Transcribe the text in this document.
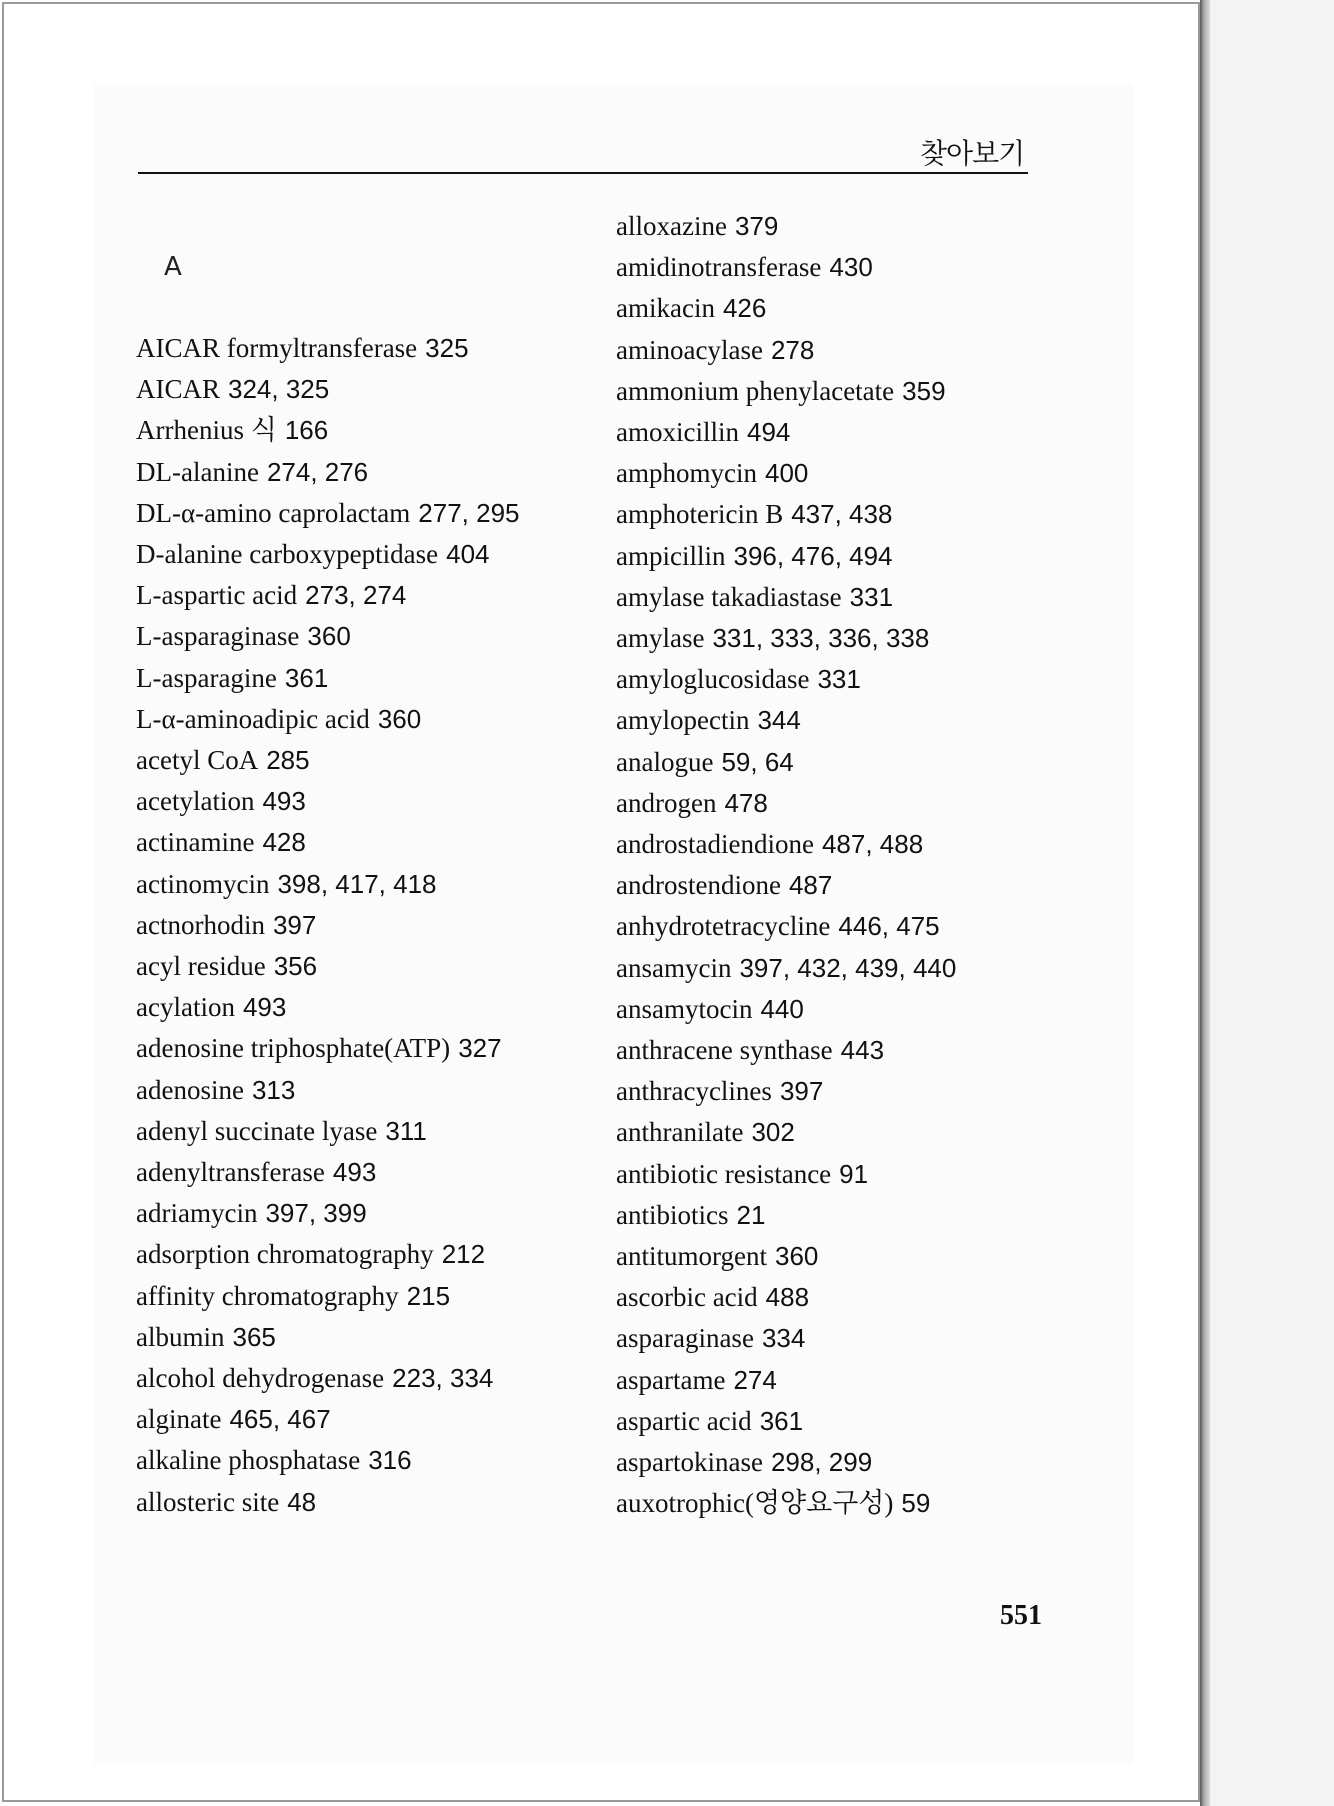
찾아보기
A
AICAR formyltransferase 325
AICAR 324, 325
Arrhenius 식 166
DL-alanine 274, 276
DL-α-amino caprolactam 277, 295
D-alanine carboxypeptidase 404
L-aspartic acid 273, 274
L-asparaginase 360
L-asparagine 361
L-α-aminoadipic acid 360
acetyl CoA 285
acetylation 493
actinamine 428
actinomycin 398, 417, 418
actnorhodin 397
acyl residue 356
acylation 493
adenosine triphosphate(ATP) 327
adenosine 313
adenyl succinate lyase 311
adenyltransferase 493
adriamycin 397, 399
adsorption chromatography 212
affinity chromatography 215
albumin 365
alcohol dehydrogenase 223, 334
alginate 465, 467
alkaline phosphatase 316
allosteric site 48
alloxazine 379
amidinotransferase 430
amikacin 426
aminoacylase 278
ammonium phenylacetate 359
amoxicillin 494
amphomycin 400
amphotericin B 437, 438
ampicillin 396, 476, 494
amylase takadiastase 331
amylase 331, 333, 336, 338
amyloglucosidase 331
amylopectin 344
analogue 59, 64
androgen 478
androstadiendione 487, 488
androstendione 487
anhydrotetracycline 446, 475
ansamycin 397, 432, 439, 440
ansamytocin 440
anthracene synthase 443
anthracyclines 397
anthranilate 302
antibiotic resistance 91
antibiotics 21
antitumorgent 360
ascorbic acid 488
asparaginase 334
aspartame 274
aspartic acid 361
aspartokinase 298, 299
auxotrophic(영양요구성) 59
551
